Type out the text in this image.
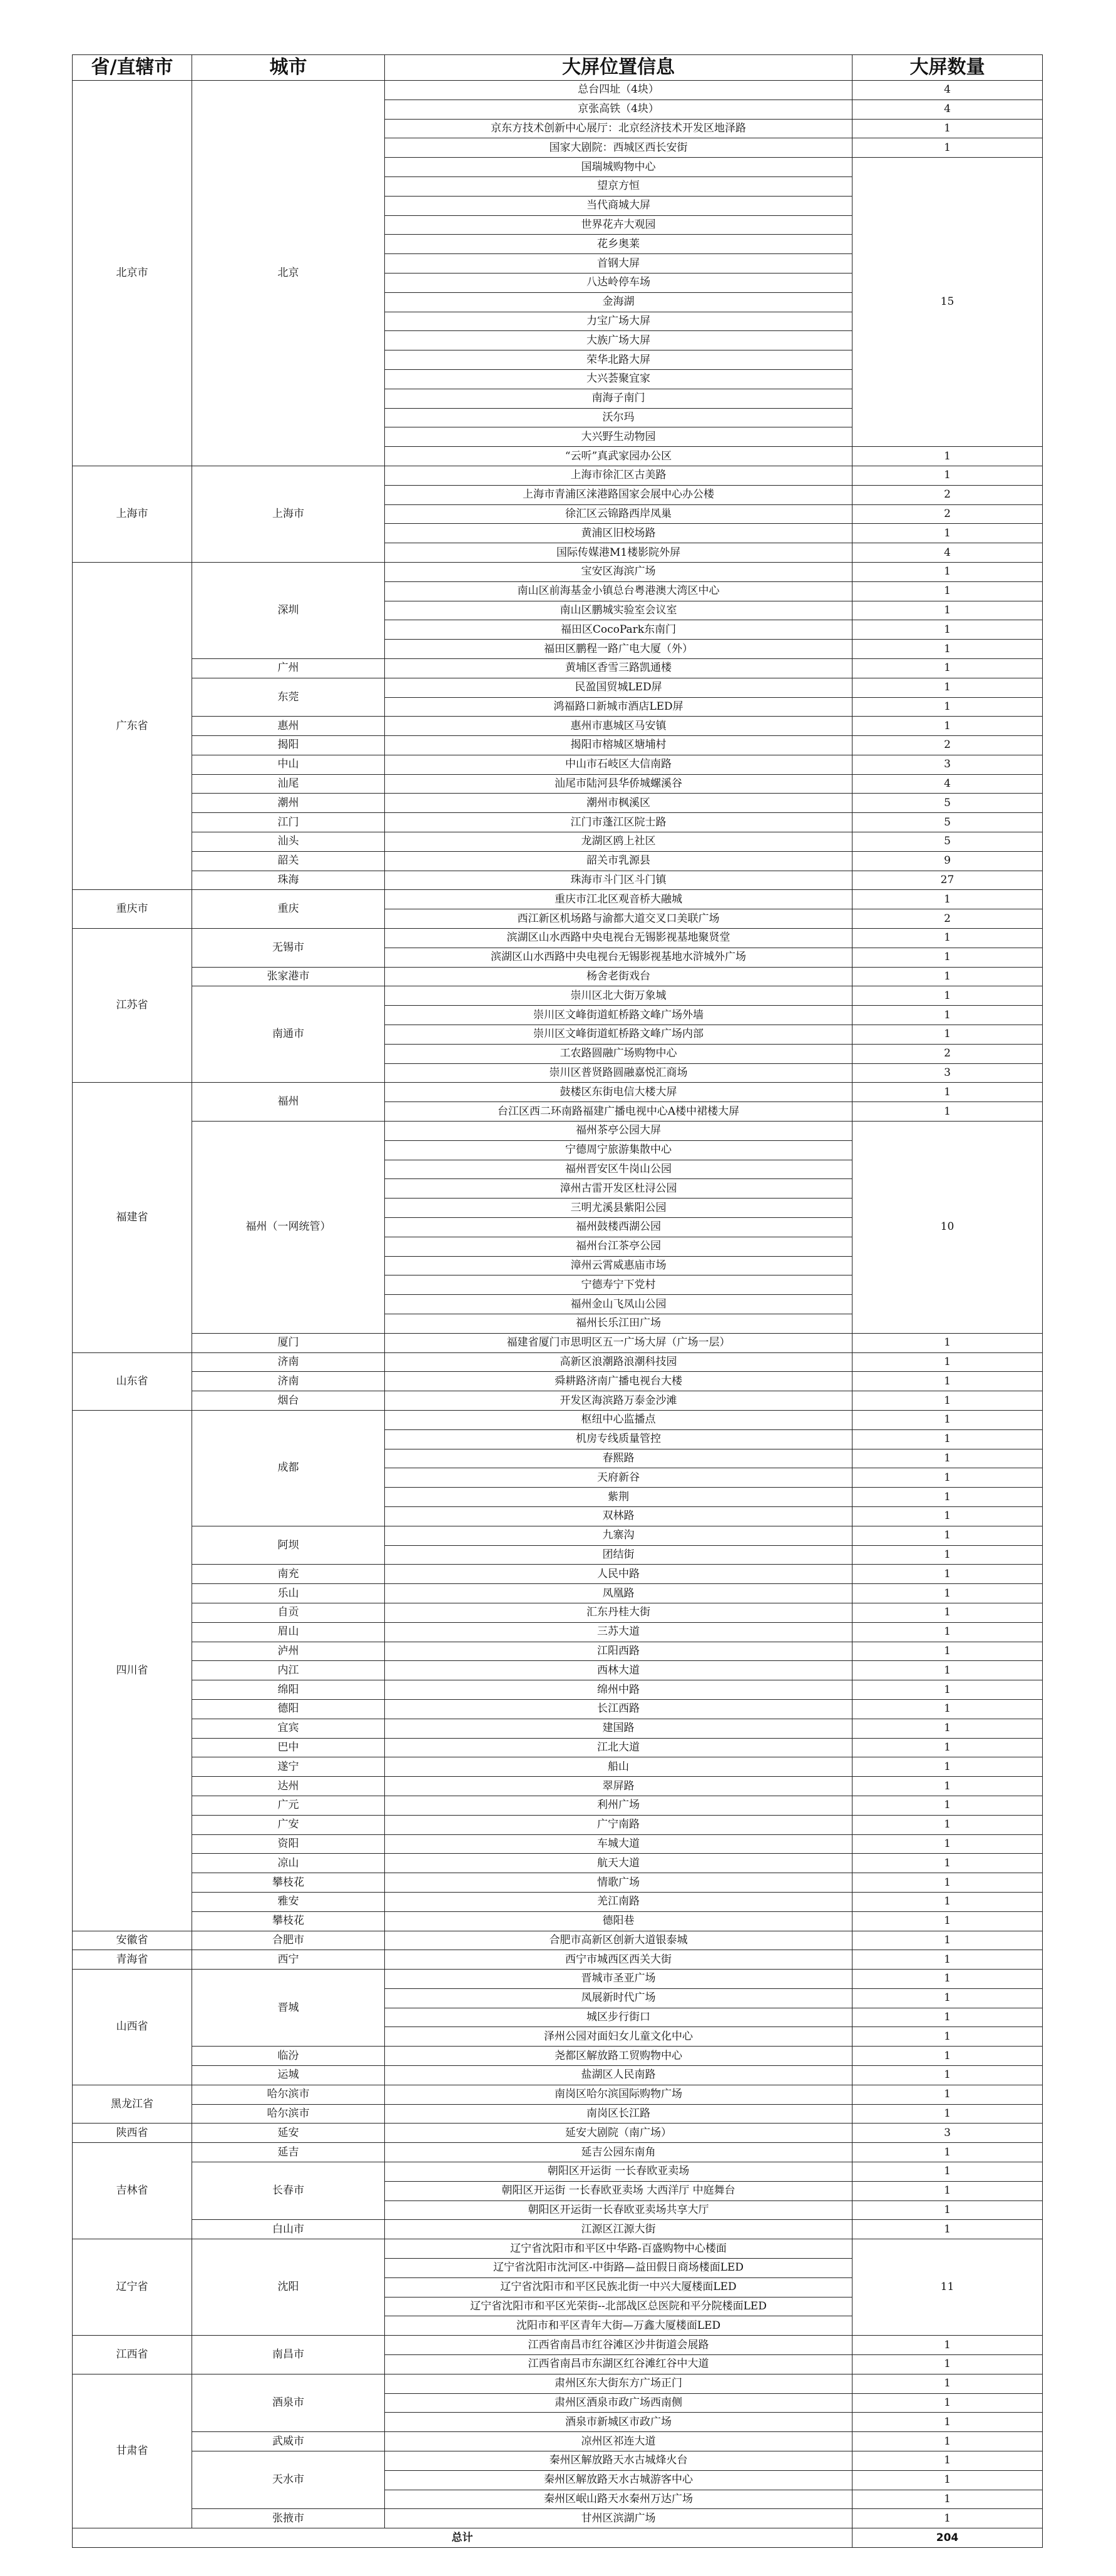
省/直辖市	城市	大屏位置信息	大屏数量
北京市	北京	总台四址（4块）	4
		京张高铁（4块）	4
		京东方技术创新中心展厅：北京经济技术开发区地泽路	1
		国家大剧院：西城区西长安街	1
		国瑞城购物中心	15
		望京方恒	
		当代商城大屏	
		世界花卉大观园	
		花乡奥莱	
		首钢大屏	
		八达岭停车场	
		金海湖	
		力宝广场大屏	
		大族广场大屏	
		荣华北路大屏	
		大兴荟聚宜家	
		南海子南门	
		沃尔玛	
		大兴野生动物园	
		“云听”真武家园办公区	1
上海市	上海市	上海市徐汇区古美路	1
		上海市青浦区涞港路国家会展中心办公楼	2
		徐汇区云锦路西岸凤巢	2
		黄浦区旧校场路	1
		国际传媒港M1楼影院外屏	4
广东省	深圳	宝安区海滨广场	1
		南山区前海基金小镇总台粤港澳大湾区中心	1
		南山区鹏城实验室会议室	1
		福田区CocoPark东南门	1
		福田区鹏程一路广电大厦（外）	1
	广州	黄埔区香雪三路凯通楼	1
	东莞	民盈国贸城LED屏	1
		鸿福路口新城市酒店LED屏	1
	惠州	惠州市惠城区马安镇	1
	揭阳	揭阳市榕城区塘埔村	2
	中山	中山市石岐区大信南路	3
	汕尾	汕尾市陆河县华侨城螺溪谷	4
	潮州	潮州市枫溪区	5
	江门	江门市蓬江区院士路	5
	汕头	龙湖区鸥上社区	5
	韶关	韶关市乳源县	9
	珠海	珠海市斗门区斗门镇	27
重庆市	重庆	重庆市江北区观音桥大融城	1
		西江新区机场路与渝都大道交叉口美联广场	2
江苏省	无锡市	滨湖区山水西路中央电视台无锡影视基地聚贤堂	1
		滨湖区山水西路中央电视台无锡影视基地水浒城外广场	1
	张家港市	杨舍老街戏台	1
	南通市	崇川区北大街万象城	1
		崇川区文峰街道虹桥路文峰广场外墙	1
		崇川区文峰街道虹桥路文峰广场内部	1
		工农路圆融广场购物中心	2
		崇川区普贤路圆融嘉悦汇商场	3
福建省	福州	鼓楼区东街电信大楼大屏	1
		台江区西二环南路福建广播电视中心A楼中裙楼大屏	1
	福州（一网统管）	福州茶亭公园大屏	10
		宁德周宁旅游集散中心	
		福州晋安区牛岗山公园	
		漳州古雷开发区杜浔公园	
		三明尤溪县紫阳公园	
		福州鼓楼西湖公园	
		福州台江茶亭公园	
		漳州云霄威惠庙市场	
		宁德寿宁下党村	
		福州金山飞凤山公园	
		福州长乐江田广场	
	厦门	福建省厦门市思明区五一广场大屏（广场一层）	1
山东省	济南	高新区浪潮路浪潮科技园	1
	济南	舜耕路济南广播电视台大楼	1
	烟台	开发区海滨路万泰金沙滩	1
四川省	成都	枢纽中心监播点	1
		机房专线质量管控	1
		春熙路	1
		天府新谷	1
		紫荆	1
		双林路	1
	阿坝	九寨沟	1
		团结街	1
	南充	人民中路	1
	乐山	凤凰路	1
	自贡	汇东丹桂大街	1
	眉山	三苏大道	1
	泸州	江阳西路	1
	内江	西林大道	1
	绵阳	绵州中路	1
	德阳	长江西路	1
	宜宾	建国路	1
	巴中	江北大道	1
	遂宁	船山	1
	达州	翠屏路	1
	广元	利州广场	1
	广安	广宁南路	1
	资阳	车城大道	1
	凉山	航天大道	1
	攀枝花	情歌广场	1
	雅安	羌江南路	1
	攀枝花	德阳巷	1
安徽省	合肥市	合肥市高新区创新大道银泰城	1
青海省	西宁	西宁市城西区西关大街	1
山西省	晋城	晋城市圣亚广场	1
		凤展新时代广场	1
		城区步行街口	1
		泽州公园对面妇女儿童文化中心	1
	临汾	尧都区解放路工贸购物中心	1
	运城	盐湖区人民南路	1
黑龙江省	哈尔滨市	南岗区哈尔滨国际购物广场	1
	哈尔滨市	南岗区长江路	1
陕西省	延安	延安大剧院（南广场）	3
吉林省	延吉	延吉公园东南角	1
	长春市	朝阳区开运街 一长春欧亚卖场	1
		朝阳区开运街 一长春欧亚卖场 大西洋厅 中庭舞台	1
		朝阳区开运街一长春欧亚卖场共享大厅	1
	白山市	江源区江源大街	1
辽宁省	沈阳	辽宁省沈阳市和平区中华路-百盛购物中心楼面	11
		辽宁省沈阳市沈河区-中街路—益田假日商场楼面LED	
		辽宁省沈阳市和平区民族北街一中兴大厦楼面LED	
		辽宁省沈阳市和平区光荣街--北部战区总医院和平分院楼面LED	
		沈阳市和平区青年大街—万鑫大厦楼面LED	
江西省	南昌市	江西省南昌市红谷滩区沙井街道会展路	1
		江西省南昌市东湖区红谷滩红谷中大道	1
甘肃省	酒泉市	肃州区东大街东方广场正门	1
		肃州区酒泉市政广场西南侧	1
		酒泉市新城区市政广场	1
	武威市	凉州区祁连大道	1
	天水市	秦州区解放路天水古城烽火台	1
		秦州区解放路天水古城游客中心	1
		秦州区岷山路天水秦州万达广场	1
	张掖市	甘州区滨湖广场	1
总计			204
